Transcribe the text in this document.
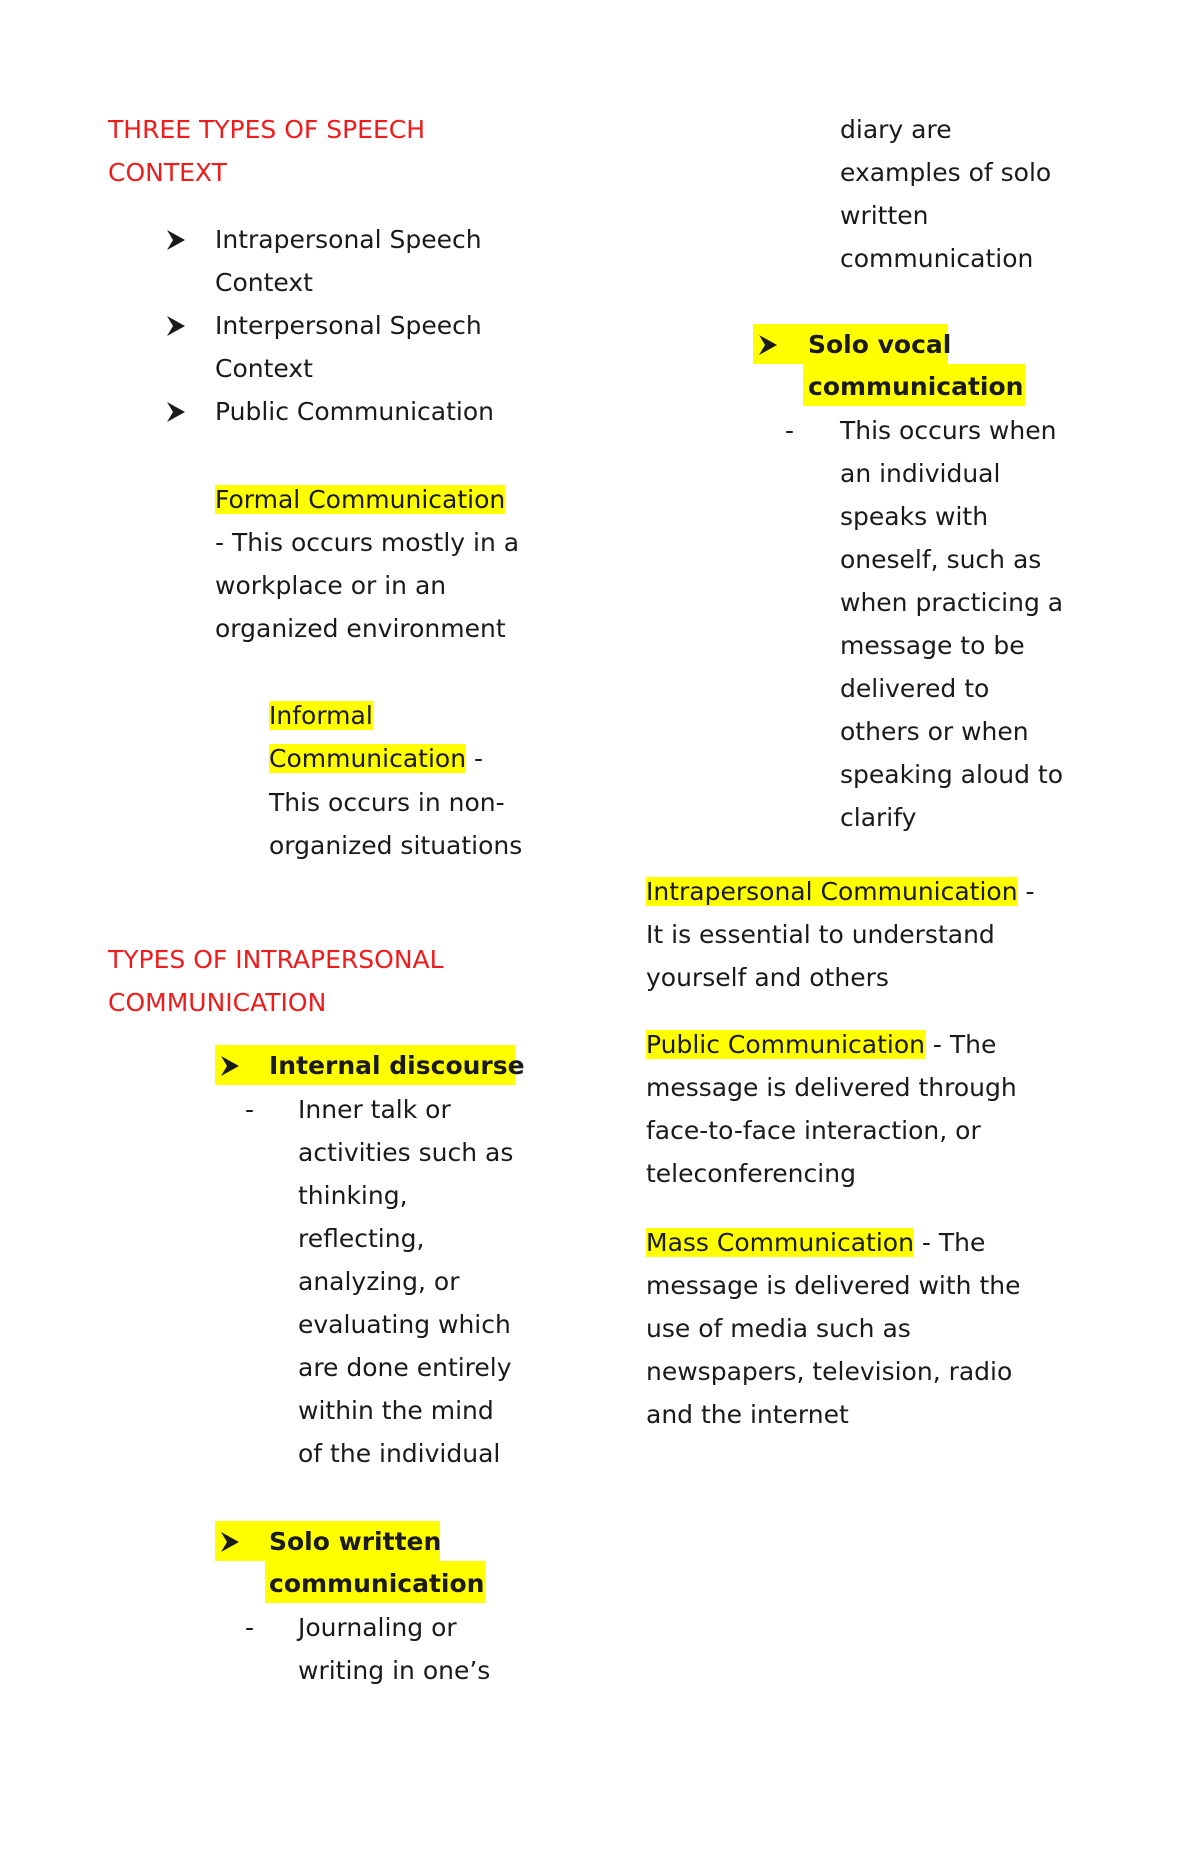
THREE TYPES OF SPEECH
CONTEXT
Intrapersonal Speech
Context
Interpersonal Speech
Context
Public Communication
Formal Communication
- This occurs mostly in a
workplace or in an
organized environment
Informal
Communication -
This occurs in non-
organized situations
TYPES OF INTRAPERSONAL
COMMUNICATION
Internal discourse
- Inner talk or
activities such as
thinking,
reflecting,
analyzing, or
evaluating which
are done entirely
within the mind
of the individual
Solo written
communication
- Journaling or
writing in one’s
diary are
examples of solo
written
communication
Solo vocal
communication
- This occurs when
an individual
speaks with
oneself, such as
when practicing a
message to be
delivered to
others or when
speaking aloud to
clarify
Intrapersonal Communication -
It is essential to understand
yourself and others
Public Communication - The
message is delivered through
face-to-face interaction, or
teleconferencing
Mass Communication - The
message is delivered with the
use of media such as
newspapers, television, radio
and the internet
